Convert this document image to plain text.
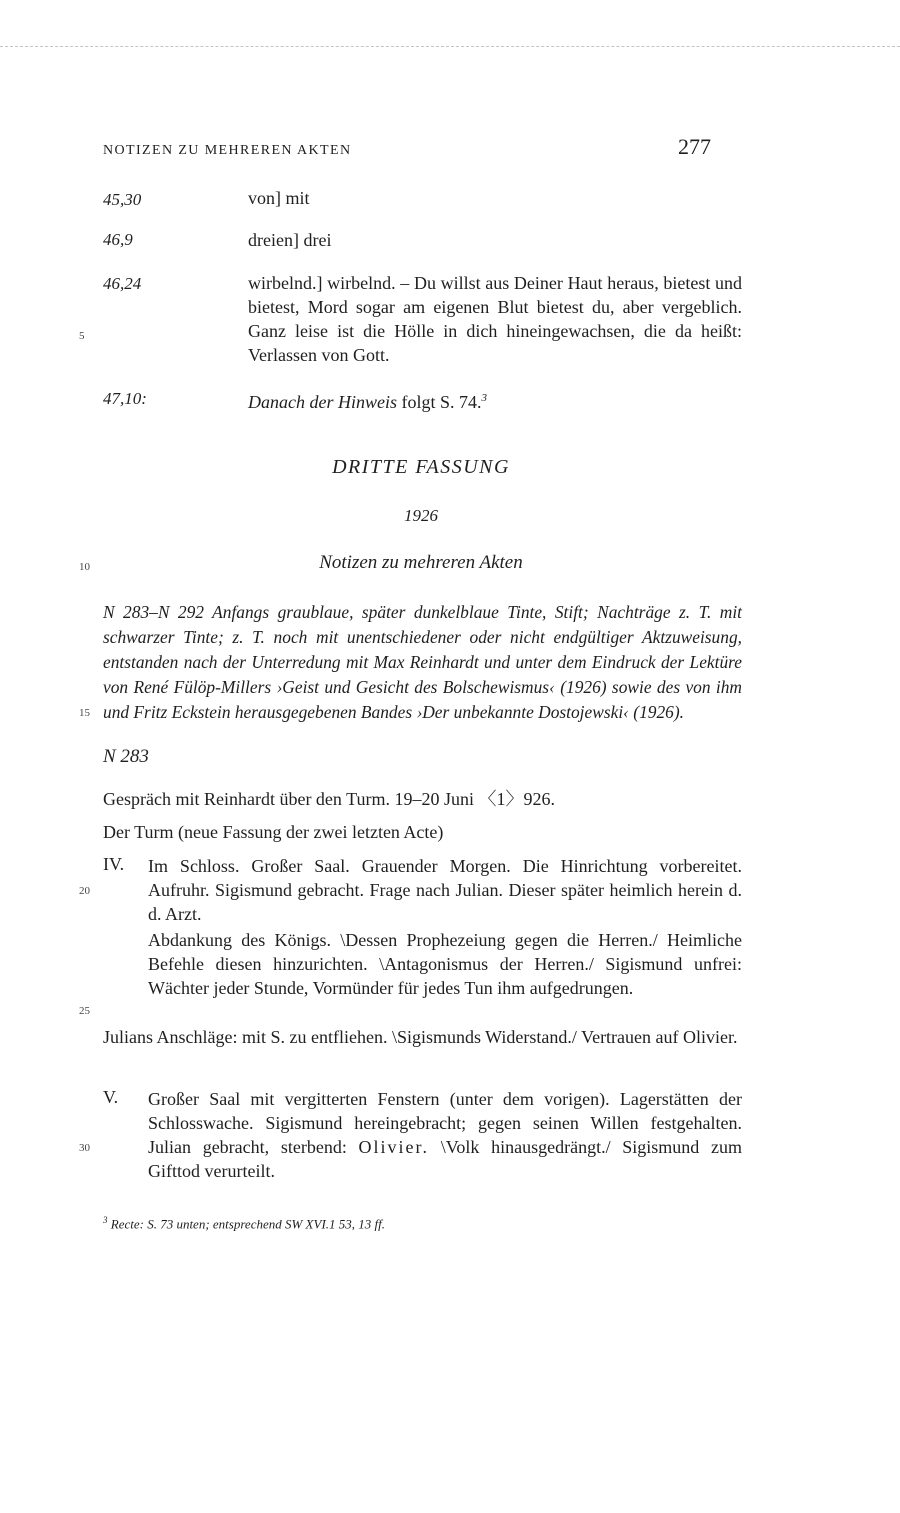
NOTIZEN ZU MEHREREN AKTEN	277
5
10
15
20
25
30
45,30	von] mit
46,9	dreien] drei
46,24	wirbelnd.] wirbelnd. – Du willst aus Deiner Haut heraus, bietest und bietest, Mord sogar am eigenen Blut bietest du, aber vergeblich. Ganz leise ist die Hölle in dich hineingewachsen, die da heißt: Verlassen von Gott.
47,10:	Danach der Hinweis folgt S. 74.$^3$
DRITTE FASSUNG
1926
Notizen zu mehreren Akten
N 283–N 292 Anfangs graublaue, später dunkelblaue Tinte, Stift; Nachträge z. T. mit schwarzer Tinte; z. T. noch mit unentschiedener oder nicht endgültiger Aktzuweisung, entstanden nach der Unterredung mit Max Reinhardt und unter dem Eindruck der Lektüre von René Fülöp-Millers ›Geist und Gesicht des Bolschewismus‹ (1926) sowie des von ihm und Fritz Eckstein herausgegebenen Bandes ›Der unbekannte Dostojewski‹ (1926).
N 283
Gespräch mit Reinhardt über den Turm. 19–20 Juni 〈1〉926.
Der Turm (neue Fassung der zwei letzten Acte)
IV. Im Schloss. Großer Saal. Grauender Morgen. Die Hinrichtung vorbereitet. Aufruhr. Sigismund gebracht. Frage nach Julian. Dieser später heimlich herein d. d. Arzt.
Abdankung des Königs. \Dessen Prophezeiung gegen die Herren./ Heimliche Befehle diesen hinzurichten. \Antagonismus der Herren./ Sigismund unfrei: Wächter jeder Stunde, Vormünder für jedes Tun ihm aufgedrungen.
Julians Anschläge: mit S. zu entfliehen. \Sigismunds Widerstand./ Vertrauen auf Olivier.
V. Großer Saal mit vergitterten Fenstern (unter dem vorigen). Lagerstätten der Schlosswache. Sigismund hereingebracht; gegen seinen Willen festgehalten. Julian gebracht, sterbend: Olivier. \Volk hinausgedrängt./ Sigismund zum Gifttod verurteilt.
$^3$ Recte: S. 73 unten; entsprechend SW XVI.1 53, 13 ff.
